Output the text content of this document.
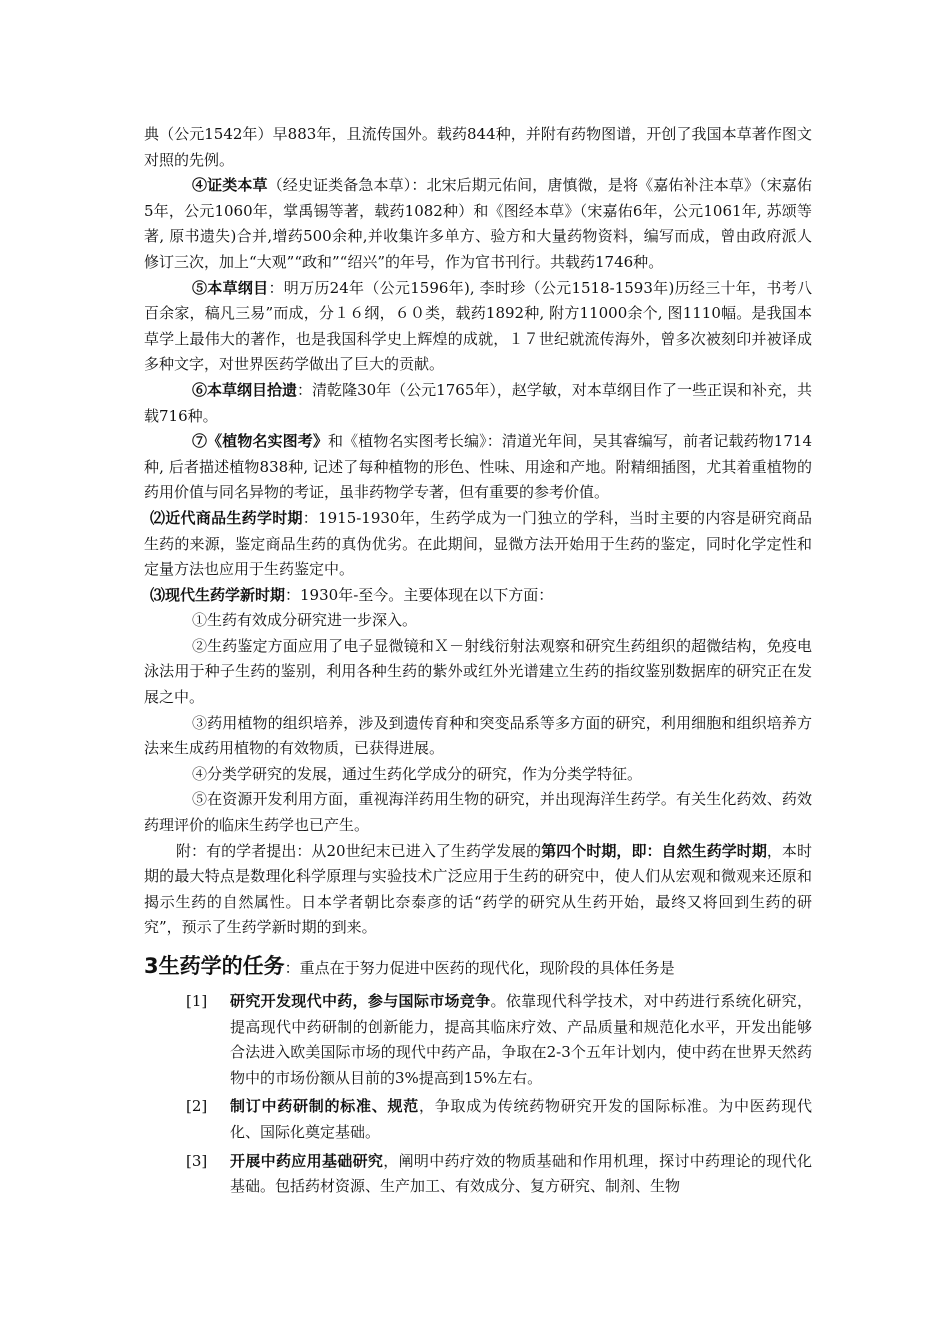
典（公元1542年）早883年，且流传国外。载药844种，并附有药物图谱，开创了我国本草著作图文对照的先例。

④证类本草（经史证类备急本草）：北宋后期元佑间，唐慎微，是将《嘉佑补注本草》（宋嘉佑5年，公元1060年，掌禹锡等著，载药1082种）和《图经本草》（宋嘉佑6年，公元1061年, 苏颂等著, 原书遗失)合并,增药500余种,并收集许多单方、验方和大量药物资料，编写而成，曾由政府派人修订三次，加上“大观”“政和”“绍兴”的年号，作为官书刊行。共载药1746种。

⑤本草纲目：明万历24年（公元1596年), 李时珍（公元1518-1593年)历经三十年，书考八百余家，稿凡三易”而成，分１６纲，６０类，载药1892种, 附方11000余个, 图1110幅。是我国本草学上最伟大的著作，也是我国科学史上辉煌的成就，１７世纪就流传海外，曾多次被刻印并被译成多种文字，对世界医药学做出了巨大的贡献。

⑥本草纲目拾遗：清乾隆30年（公元1765年），赵学敏，对本草纲目作了一些正误和补充，共载716种。

⑦《植物名实图考》和《植物名实图考长编》：清道光年间，吴其睿编写，前者记载药物1714种, 后者描述植物838种, 记述了每种植物的形色、性味、用途和产地。附精细插图，尤其着重植物的药用价值与同名异物的考证，虽非药物学专著，但有重要的参考价值。

⑵近代商品生药学时期：1915-1930年，生药学成为一门独立的学科，当时主要的内容是研究商品生药的来源，鉴定商品生药的真伪优劣。在此期间，显微方法开始用于生药的鉴定，同时化学定性和定量方法也应用于生药鉴定中。

⑶现代生药学新时期：1930年-至今。主要体现在以下方面：

①生药有效成分研究进一步深入。

②生药鉴定方面应用了电子显微镜和Ｘ－射线衍射法观察和研究生药组织的超微结构，免疫电泳法用于种子生药的鉴别，利用各种生药的紫外或红外光谱建立生药的指纹鉴别数据库的研究正在发展之中。

③药用植物的组织培养，涉及到遗传育种和突变品系等多方面的研究，利用细胞和组织培养方法来生成药用植物的有效物质，已获得进展。

④分类学研究的发展，通过生药化学成分的研究，作为分类学特征。

⑤在资源开发利用方面，重视海洋药用生物的研究，并出现海洋生药学。有关生化药效、药效药理评价的临床生药学也已产生。

附：有的学者提出：从20世纪末已进入了生药学发展的第四个时期，即：自然生药学时期，本时期的最大特点是数理化科学原理与实验技术广泛应用于生药的研究中，使人们从宏观和微观来还原和揭示生药的自然属性。日本学者朝比奈泰彦的话“药学的研究从生药开始，最终又将回到生药的研究”，预示了生药学新时期的到来。

3生药学的任务：重点在于努力促进中医药的现代化，现阶段的具体任务是

[1] 研究开发现代中药，参与国际市场竞争。依靠现代科学技术，对中药进行系统化研究，提高现代中药研制的创新能力，提高其临床疗效、产品质量和规范化水平，开发出能够合法进入欧美国际市场的现代中药产品，争取在2-3个五年计划内，使中药在世界天然药物中的市场份额从目前的3%提高到15%左右。
[2] 制订中药研制的标准、规范，争取成为传统药物研究开发的国际标准。为中医药现代化、国际化奠定基础。
[3] 开展中药应用基础研究，阐明中药疗效的物质基础和作用机理，探讨中药理论的现代化基础。包括药材资源、生产加工、有效成分、复方研究、制剂、生物
